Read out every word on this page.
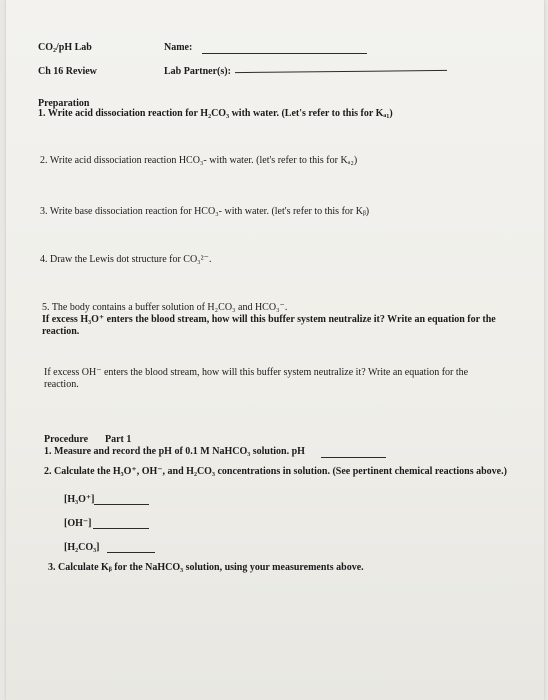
CO₂/pH Lab	Name:
Ch 16 Review	Lab Partner(s):
Preparation
1. Write acid dissociation reaction for H₂CO₃ with water. (Let's refer to this for Kₐ₁)
2. Write acid dissociation reaction HCO₃- with water. (let's refer to this for Kₐ₂)
3. Write base dissociation reaction for HCO₃- with water. (let's refer to this for Kᵦ)
4. Draw the Lewis dot structure for CO₃²⁻.
5. The body contains a buffer solution of H₂CO₃ and HCO₃⁻.
If excess H₃O⁺ enters the blood stream, how will this buffer system neutralize it? Write an equation for the reaction.
If excess OH⁻ enters the blood stream, how will this buffer system neutralize it? Write an equation for the reaction.
Procedure Part 1
1. Measure and record the pH of 0.1 M NaHCO₃ solution. pH
2. Calculate the H₃O⁺, OH⁻, and H₂CO₃ concentrations in solution. (See pertinent chemical reactions above.)
[H₃O⁺]
[OH⁻]
[H₂CO₃]
3. Calculate Kᵦ for the NaHCO₃ solution, using your measurements above.
